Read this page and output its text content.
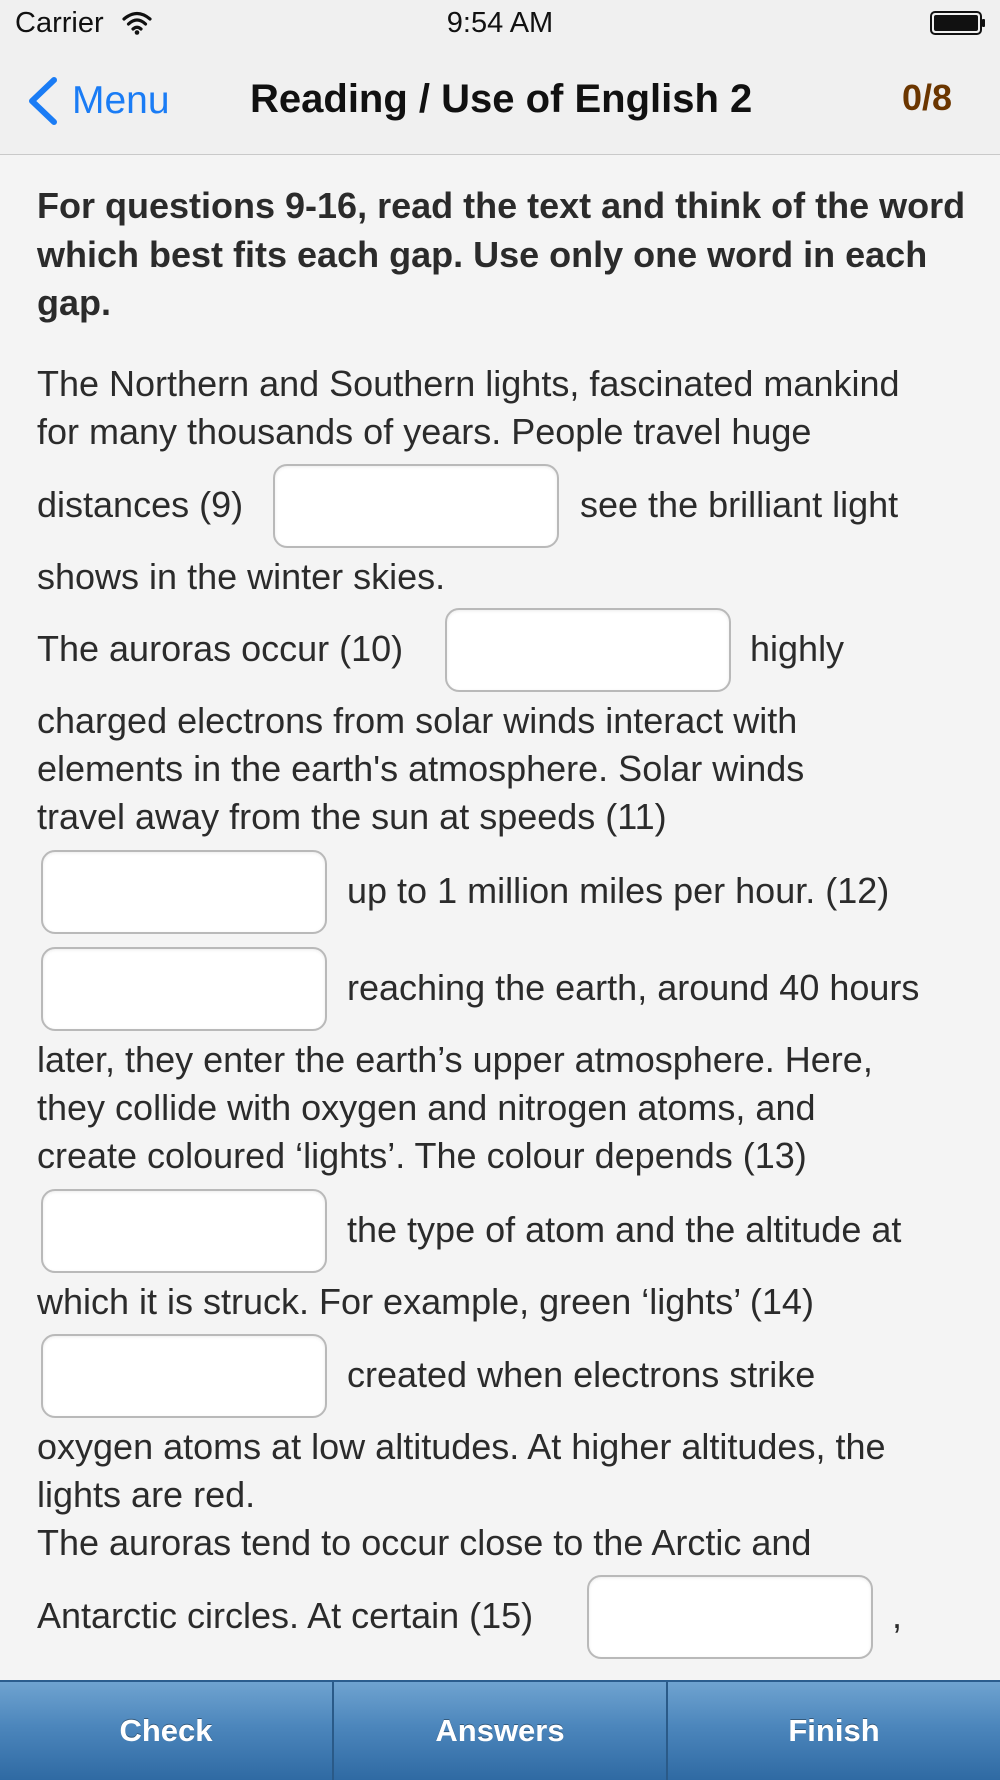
Carrier	9:54 AM
Menu Reading / Use of English 2	0/8
For questions 9-16, read the text and think of the word which best fits each gap. Use only one word in each gap.
The Northern and Southern lights, fascinated mankind
for many thousands of years. People travel huge
distances (9)	see the brilliant light
shows in the winter skies.
The auroras occur (10)	highly
charged electrons from solar winds interact with
elements in the earth's atmosphere. Solar winds
travel away from the sun at speeds (11)
up to 1 million miles per hour. (12)
reaching the earth, around 40 hours
later, they enter the earth’s upper atmosphere. Here,
they collide with oxygen and nitrogen atoms, and
create coloured ‘lights’. The colour depends (13)
the type of atom and the altitude at
which it is struck. For example, green ‘lights’ (14)
created when electrons strike
oxygen atoms at low altitudes. At higher altitudes, the
lights are red.
The auroras tend to occur close to the Arctic and
Antarctic circles. At certain (15)	,
Check	Answers	Finish
